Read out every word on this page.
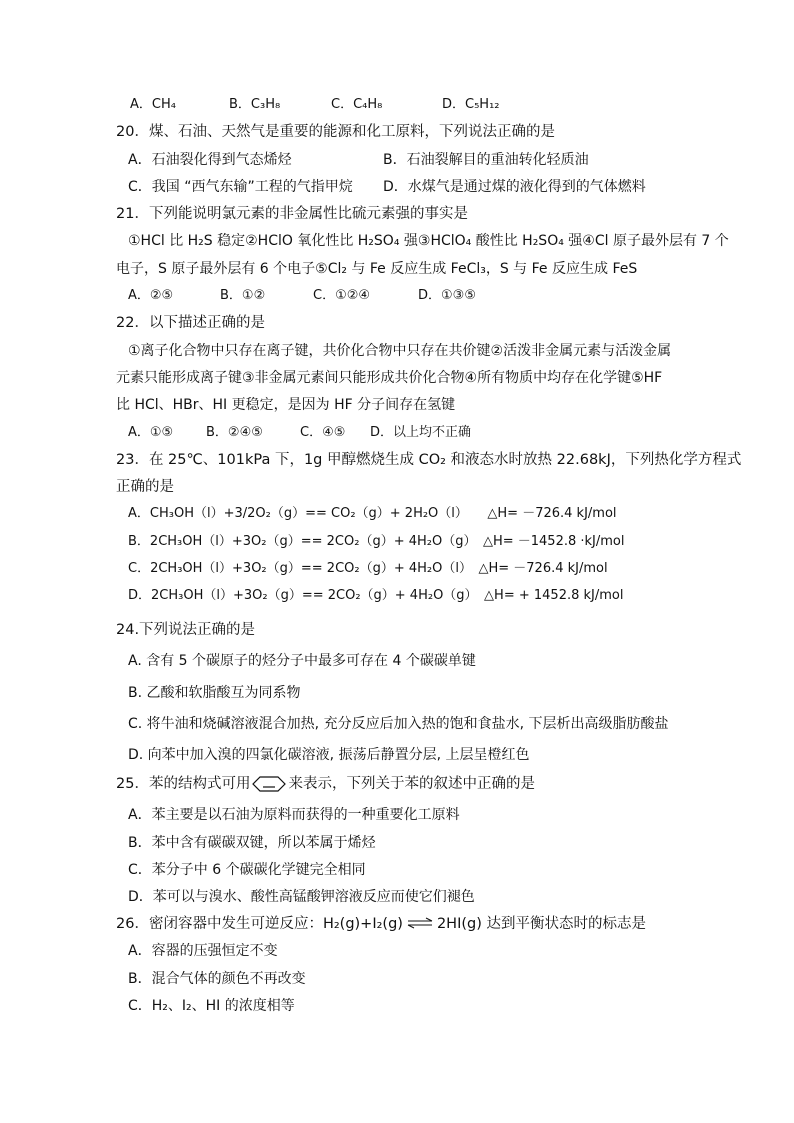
A．CH₄	B．C₃H₈	C．C₄H₈	D．C₅H₁₂
20．煤、石油、天然气是重要的能源和化工原料，下列说法正确的是
A．石油裂化得到气态烯烃	B．石油裂解目的重油转化轻质油
C．我国 “西气东输”工程的气指甲烷 D．水煤气是通过煤的液化得到的气体燃料
21．下列能说明氯元素的非金属性比硫元素强的事实是
①HCl 比 H₂S 稳定②HClO 氧化性比 H₂SO₄ 强③HClO₄ 酸性比 H₂SO₄ 强④Cl 原子最外层有 7 个
电子，S 原子最外层有 6 个电子⑤Cl₂ 与 Fe 反应生成 FeCl₃，S 与 Fe 反应生成 FeS
A．②⑤	B．①②	C．①②④	D．①③⑤
22．以下描述正确的是
①离子化合物中只存在离子键，共价化合物中只存在共价键②活泼非金属元素与活泼金属
元素只能形成离子键③非金属元素间只能形成共价化合物④所有物质中均存在化学键⑤HF
比 HCl、HBr、HI 更稳定，是因为 HF 分子间存在氢键
A．①⑤	B．②④⑤	C．④⑤ D．以上均不正确
23．在 25℃、101kPa 下，1g 甲醇燃烧生成 CO₂ 和液态水时放热 22.68kJ，下列热化学方程式
正确的是
A．CH₃OH（l）+3/2O₂（g）== CO₂（g）+ 2H₂O（l）　　△H= －726.4 kJ/mol
B．2CH₃OH（l）+3O₂（g）== 2CO₂（g）+ 4H₂O（g）　△H= －1452.8 ·kJ/mol
C．2CH₃OH（l）+3O₂（g）== 2CO₂（g）+ 4H₂O（l）　△H= －726.4 kJ/mol
D．2CH₃OH（l）+3O₂（g）== 2CO₂（g）+ 4H₂O（g）　△H= + 1452.8 kJ/mol
24.下列说法正确的是
A. 含有 5 个碳原子的烃分子中最多可存在 4 个碳碳单键
B. 乙酸和软脂酸互为同系物
C. 将牛油和烧碱溶液混合加热, 充分反应后加入热的饱和食盐水, 下层析出高级脂肪酸盐
D. 向苯中加入溴的四氯化碳溶液, 振荡后静置分层, 上层呈橙红色
25．苯的结构式可用	来表示，下列关于苯的叙述中正确的是
A．苯主要是以石油为原料而获得的一种重要化工原料
B．苯中含有碳碳双键，所以苯属于烯烃
C．苯分子中 6 个碳碳化学键完全相同
D．苯可以与溴水、酸性高锰酸钾溶液反应而使它们褪色
26．密闭容器中发生可逆反应：H₂(g)+I₂(g) ⇌ 2HI(g) 达到平衡状态时的标志是
A．容器的压强恒定不变
B．混合气体的颜色不再改变
C．H₂、I₂、HI 的浓度相等
